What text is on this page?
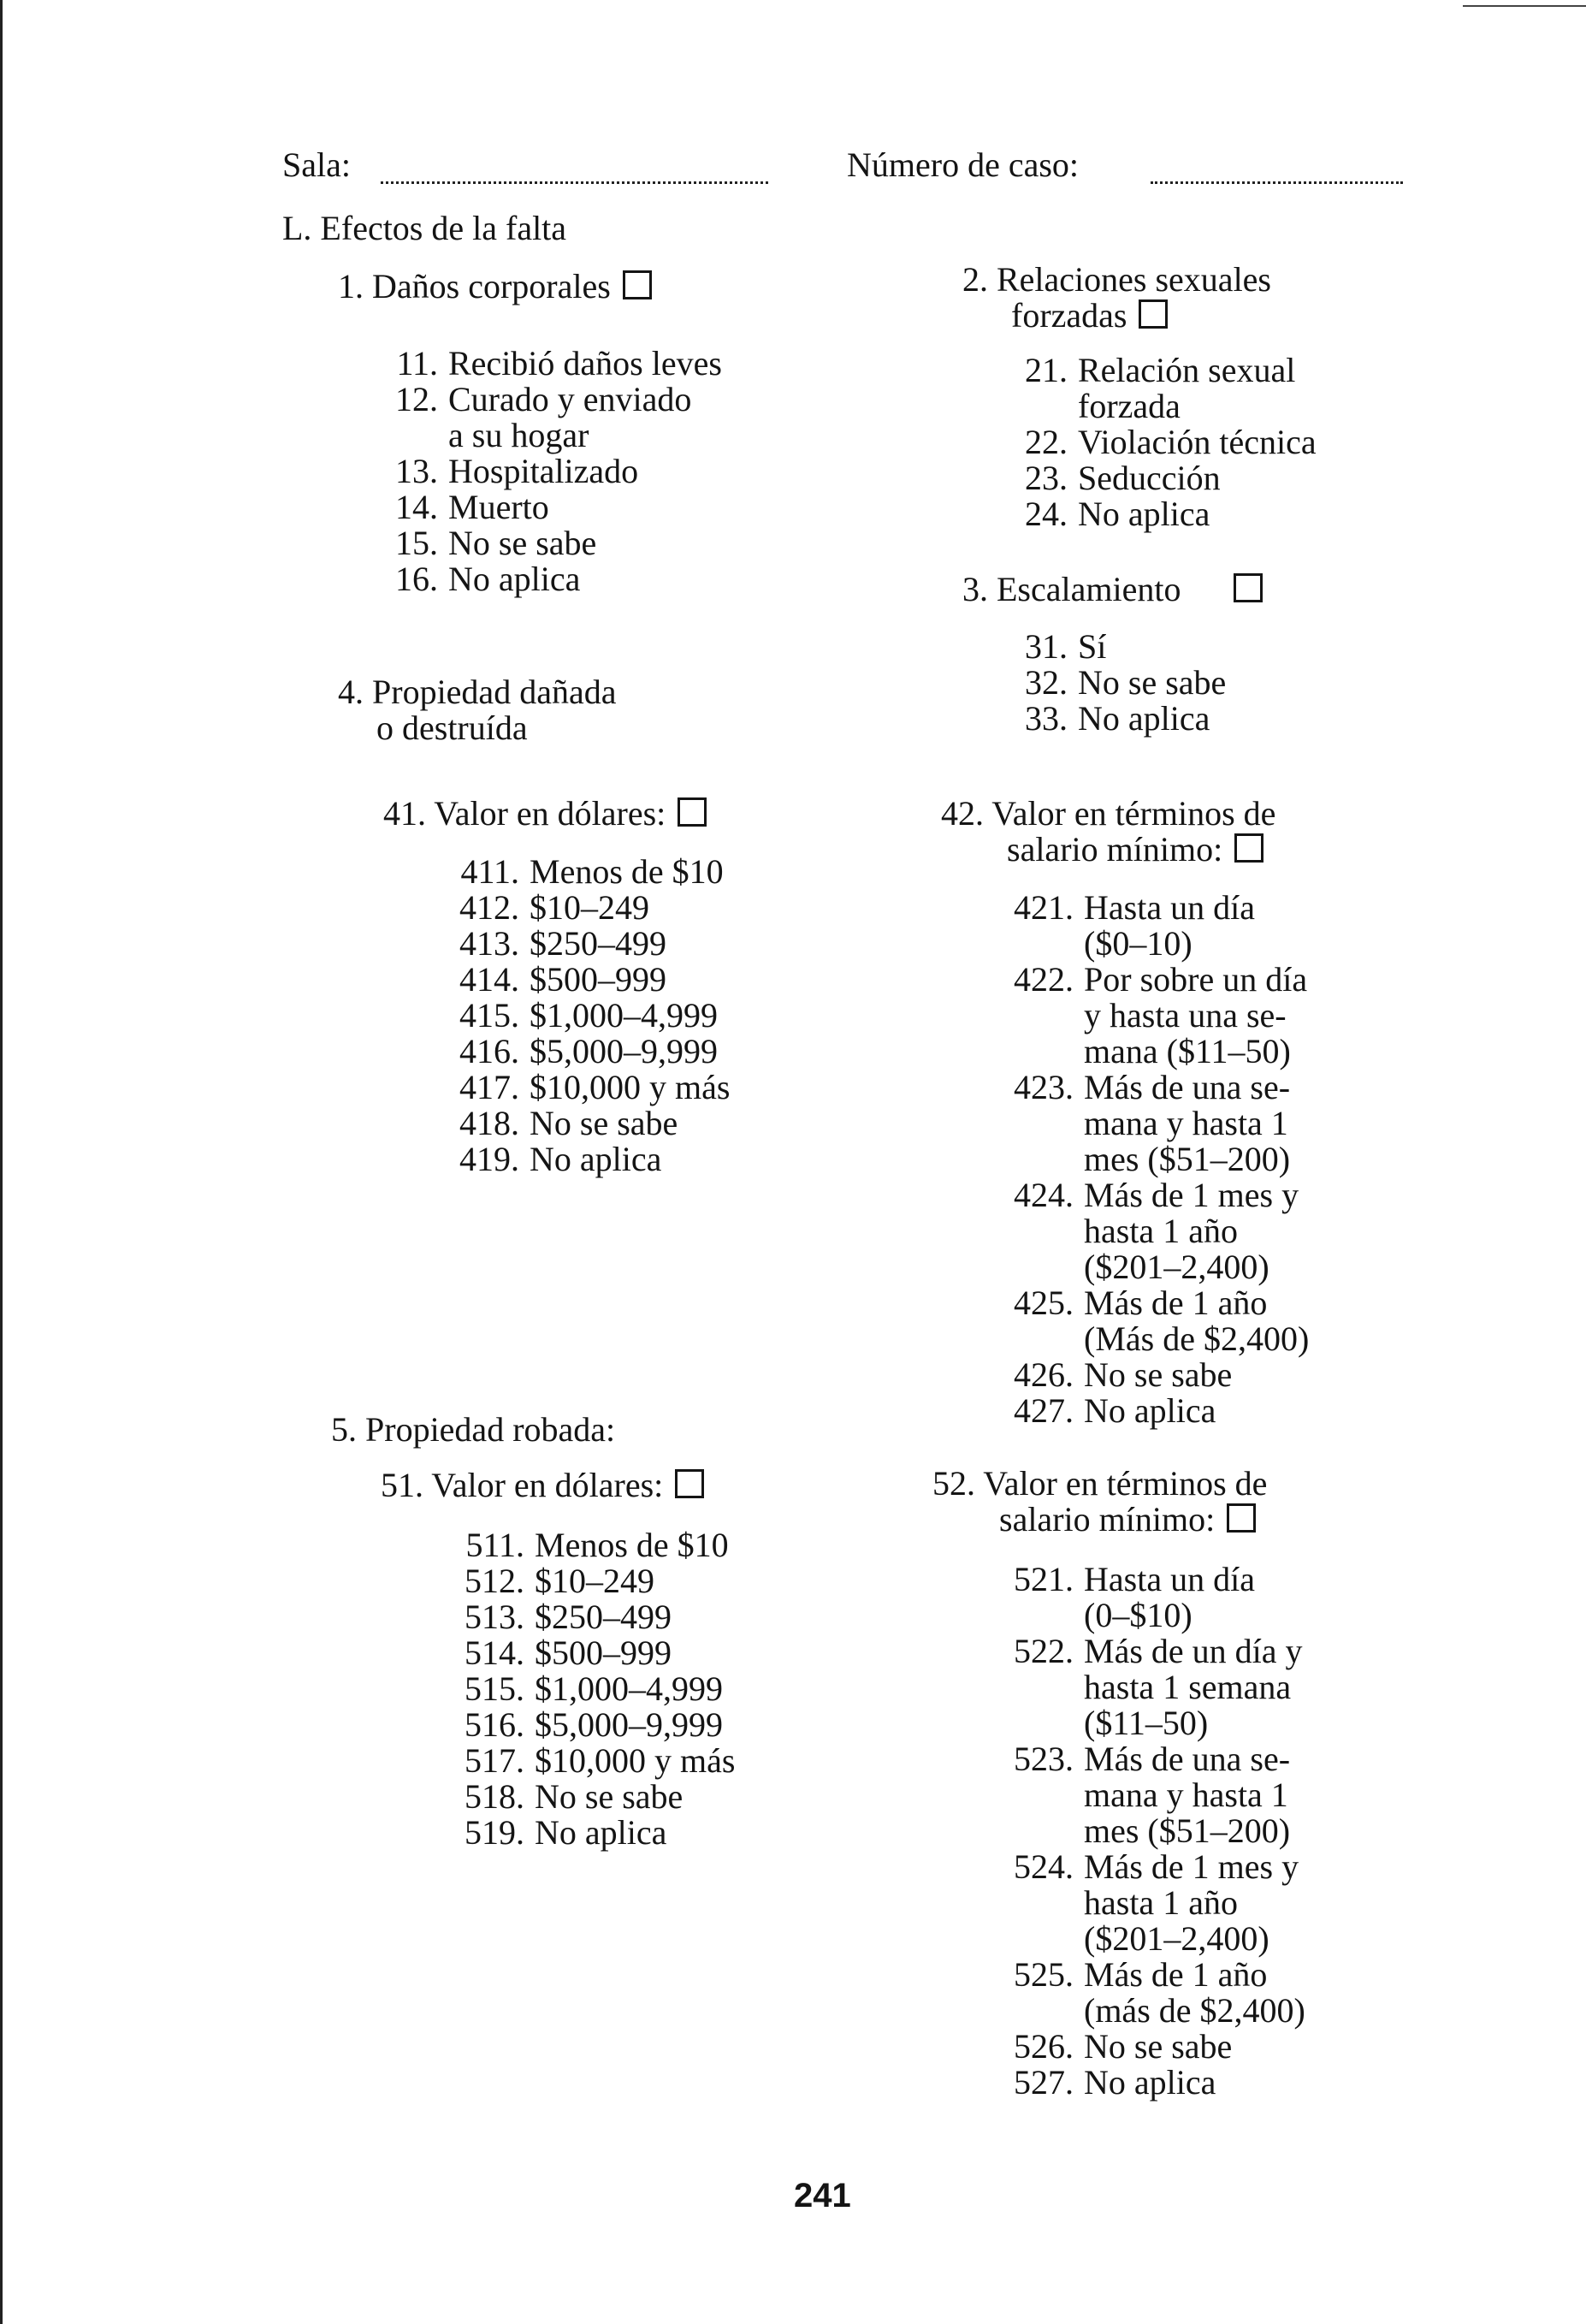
Sala:	Número de caso:
L. Efectos de la falta
1. Daños corporales
11. Recibió daños leves
12. Curado y enviado
a su hogar
13. Hospitalizado
14. Muerto
15. No se sabe
16. No aplica
2. Relaciones sexuales
forzadas
21. Relación sexual
forzada
22. Violación técnica
23. Seducción
24. No aplica
3. Escalamiento
31. Sí
32. No se sabe
33. No aplica
4. Propiedad dañada
o destruída
41. Valor en dólares:
411. Menos de $10
412. $10–249
413. $250–499
414. $500–999
415. $1,000–4,999
416. $5,000–9,999
417. $10,000 y más
418. No se sabe
419. No aplica
42. Valor en términos de
salario mínimo:
421. Hasta un día
($0–10)
422. Por sobre un día
y hasta una se-
mana ($11–50)
423. Más de una se-
mana y hasta 1
mes ($51–200)
424. Más de 1 mes y
hasta 1 año
($201–2,400)
425. Más de 1 año
(Más de $2,400)
426. No se sabe
427. No aplica
5. Propiedad robada:
51. Valor en dólares:
511. Menos de $10
512. $10–249
513. $250–499
514. $500–999
515. $1,000–4,999
516. $5,000–9,999
517. $10,000 y más
518. No se sabe
519. No aplica
52. Valor en términos de
salario mínimo:
521. Hasta un día
(0–$10)
522. Más de un día y
hasta 1 semana
($11–50)
523. Más de una se-
mana y hasta 1
mes ($51–200)
524. Más de 1 mes y
hasta 1 año
($201–2,400)
525. Más de 1 año
(más de $2,400)
526. No se sabe
527. No aplica
241
